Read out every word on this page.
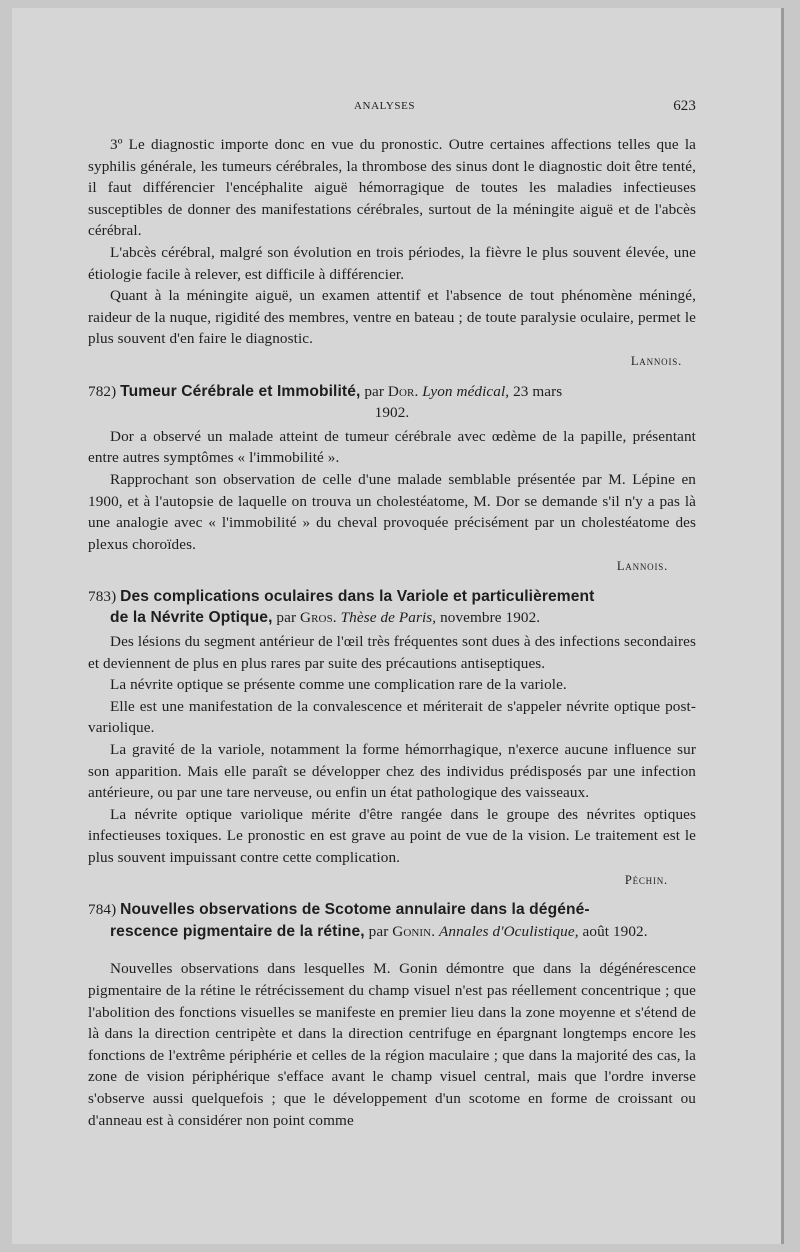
ANALYSES	623

3º Le diagnostic importe donc en vue du pronostic. Outre certaines affections telles que la syphilis générale, les tumeurs cérébrales, la thrombose des sinus dont le diagnostic doit être tenté, il faut différencier l'encéphalite aiguë hémorragique de toutes les maladies infectieuses susceptibles de donner des manifestations cérébrales, surtout de la méningite aiguë et de l'abcès cérébral.

L'abcès cérébral, malgré son évolution en trois périodes, la fièvre le plus souvent élevée, une étiologie facile à relever, est difficile à différencier.

Quant à la méningite aiguë, un examen attentif et l'absence de tout phénomène méningé, raideur de la nuque, rigidité des membres, ventre en bateau ; de toute paralysie oculaire, permet le plus souvent d'en faire le diagnostic.

Lannois.
782) Tumeur Cérébrale et Immobilité, par Dor. Lyon médical, 23 mars
1902.

Dor a observé un malade atteint de tumeur cérébrale avec œdème de la papille, présentant entre autres symptômes « l'immobilité ».

Rapprochant son observation de celle d'une malade semblable présentée par M. Lépine en 1900, et à l'autopsie de laquelle on trouva un cholestéatome, M. Dor se demande s'il n'y a pas là une analogie avec « l'immobilité » du cheval provoquée précisément par un cholestéatome des plexus choroïdes.

Lannois.
783) Des complications oculaires dans la Variole et particulièrement
de la Névrite Optique, par Gros. Thèse de Paris, novembre 1902.

Des lésions du segment antérieur de l'œil très fréquentes sont dues à des infections secondaires et deviennent de plus en plus rares par suite des précautions antiseptiques.

La névrite optique se présente comme une complication rare de la variole.

Elle est une manifestation de la convalescence et mériterait de s'appeler névrite optique post-variolique.

La gravité de la variole, notamment la forme hémorrhagique, n'exerce aucune influence sur son apparition. Mais elle paraît se développer chez des individus prédisposés par une infection antérieure, ou par une tare nerveuse, ou enfin un état pathologique des vaisseaux.

La névrite optique variolique mérite d'être rangée dans le groupe des névrites optiques infectieuses toxiques. Le pronostic en est grave au point de vue de la vision. Le traitement est le plus souvent impuissant contre cette complication.

Péchin.
784) Nouvelles observations de Scotome annulaire dans la dégéné-
rescence pigmentaire de la rétine, par Gonin. Annales d'Oculistique, août 1902.

Nouvelles observations dans lesquelles M. Gonin démontre que dans la dégénérescence pigmentaire de la rétine le rétrécissement du champ visuel n'est pas réellement concentrique ; que l'abolition des fonctions visuelles se manifeste en premier lieu dans la zone moyenne et s'étend de là dans la direction centripète et dans la direction centrifuge en épargnant longtemps encore les fonctions de l'extrême périphérie et celles de la région maculaire ; que dans la majorité des cas, la zone de vision périphérique s'efface avant le champ visuel central, mais que l'ordre inverse s'observe aussi quelquefois ; que le développement d'un scotome en forme de croissant ou d'anneau est à considérer non point comme
